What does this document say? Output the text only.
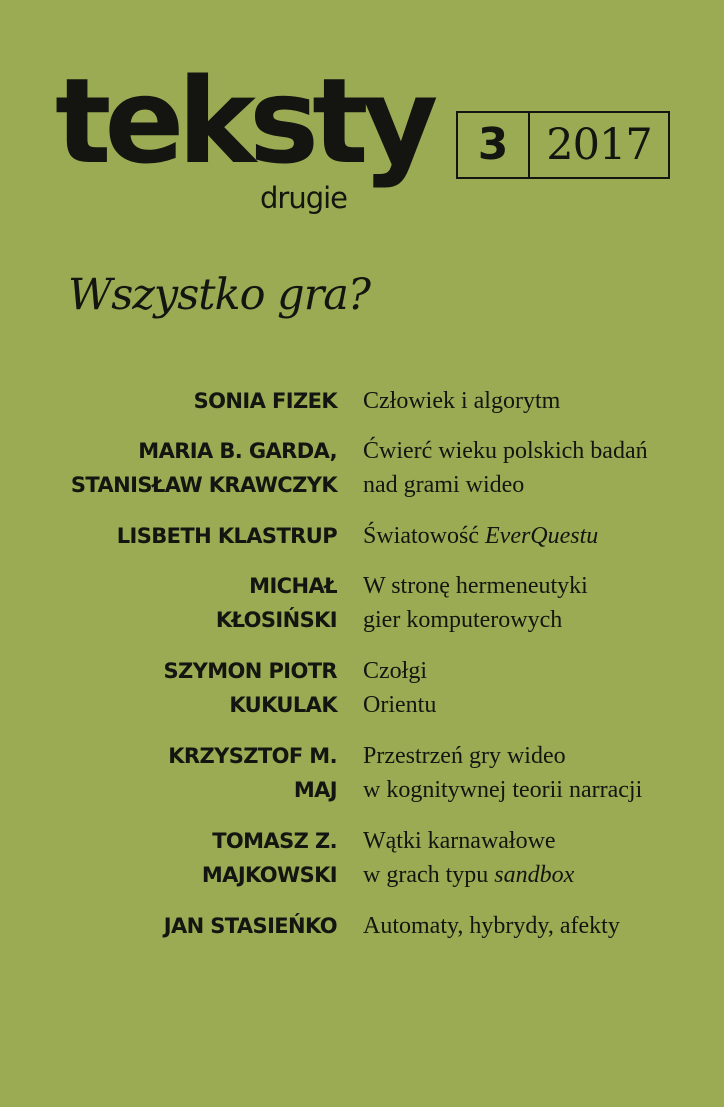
teksty
drugie
3 2017
Wszystko gra?
SONIA FIZEK Człowiek i algorytm
MARIA B. GARDA,
STANISŁAW KRAWCZYK
Ćwierć wieku polskich badań
nad grami wideo
LISBETH KLASTRUP Światowość EverQuestu
MICHAŁ
KŁOSIŃSKI
W stronę hermeneutyki
gier komputerowych
SZYMON PIOTR
KUKULAK
Czołgi
Orientu
KRZYSZTOF M.
MAJ
Przestrzeń gry wideo
w kognitywnej teorii narracji
TOMASZ Z.
MAJKOWSKI
Wątki karnawałowe
w grach typu sandbox
JAN STASIEŃKO Automaty, hybrydy, afekty
